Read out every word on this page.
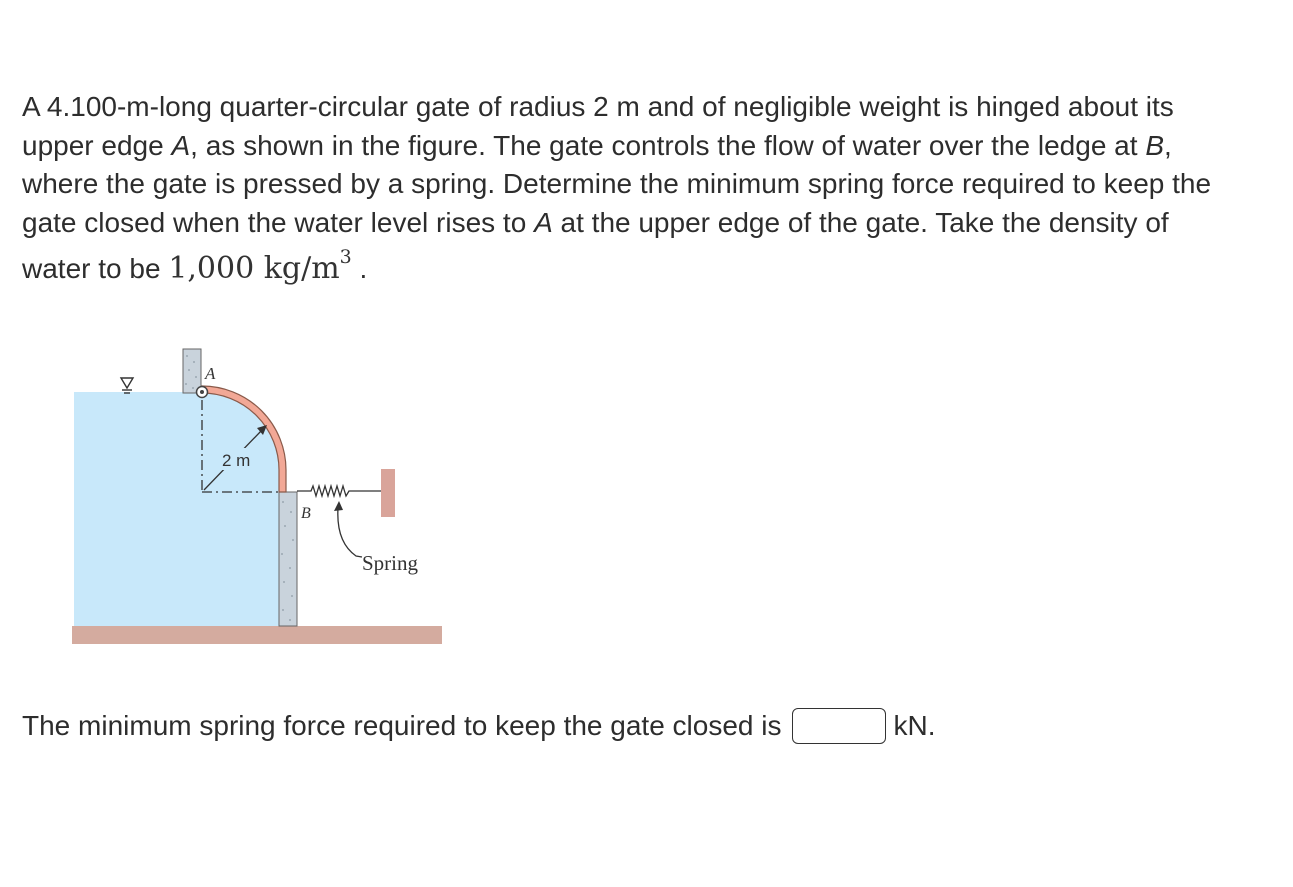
A 4.100-m-long quarter-circular gate of radius 2 m and of negligible weight is hinged about its upper edge A, as shown in the figure. The gate controls the flow of water over the ledge at B, where the gate is pressed by a spring. Determine the minimum spring force required to keep the gate closed when the water level rises to A at the upper edge of the gate. Take the density of water to be 1,000 $kg/m^3$ .

A
B
2 m
Spring
The minimum spring force required to keep the gate closed is	kN.
